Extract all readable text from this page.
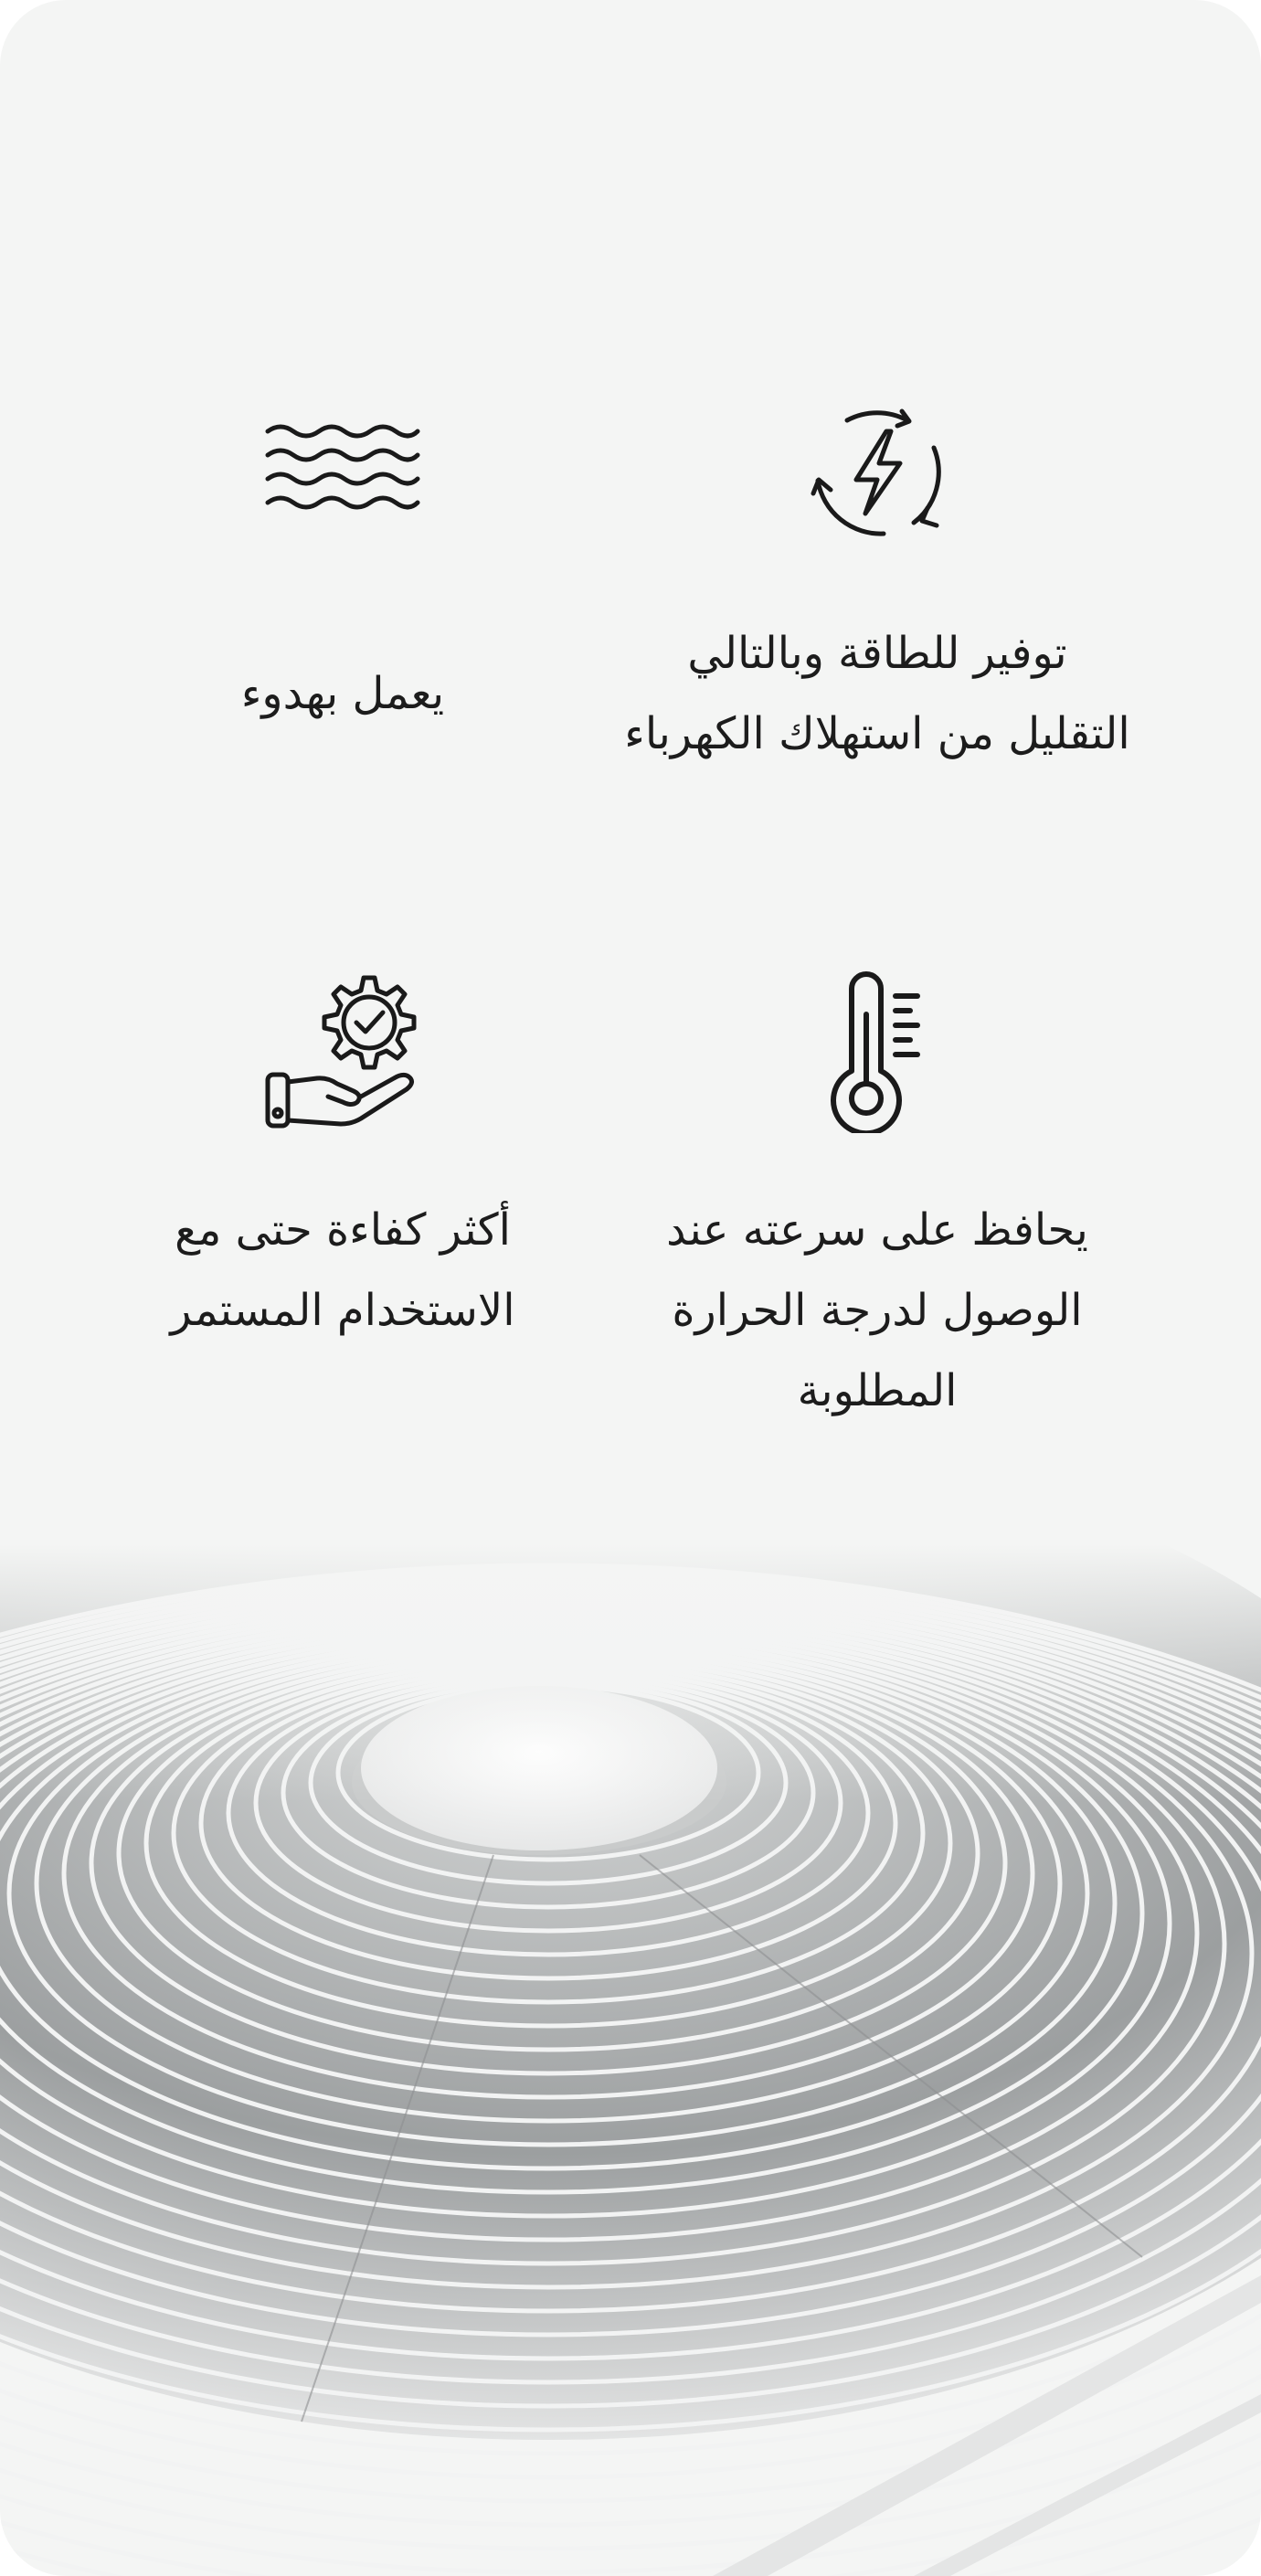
توفير للطاقة وبالتالي التقليل من استهلاك الكهرباء
يعمل بهدوء
يحافظ على سرعته عند الوصول لدرجة الحرارة المطلوبة
أكثر كفاءة حتى مع الاستخدام المستمر
